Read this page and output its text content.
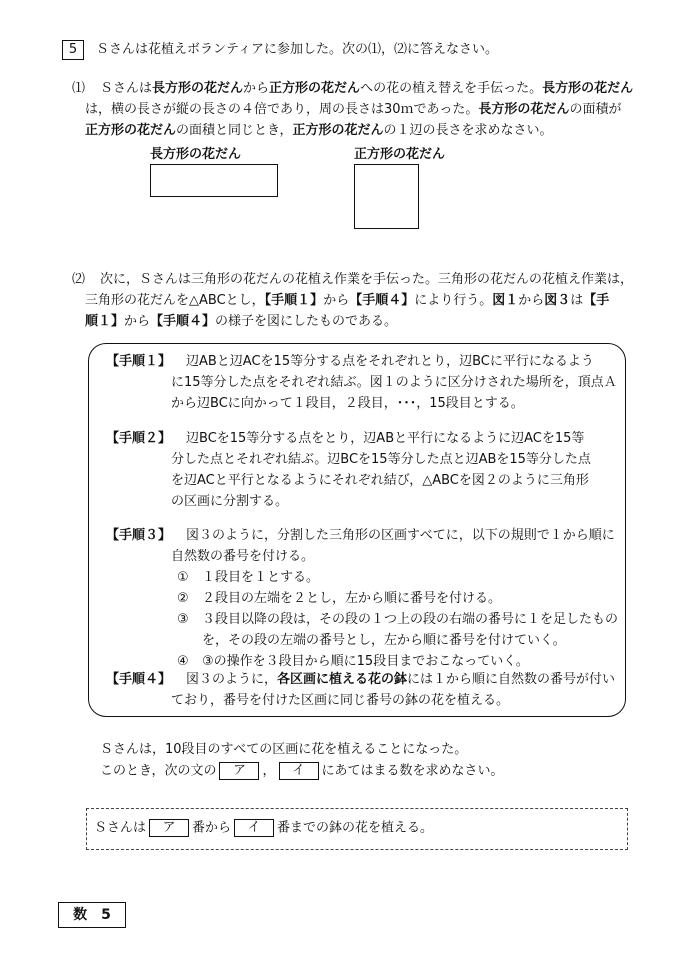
5	Ｓさんは花植えボランティアに参加した。次の⑴，⑵に答えなさい。
⑴ Ｓさんは長方形の花だんから正方形の花だんへの花の植え替えを手伝った。長方形の花だん
は，横の長さが縦の長さの４倍であり，周の長さは30ｍであった。長方形の花だんの面積が
正方形の花だんの面積と同じとき，正方形の花だんの１辺の長さを求めなさい。
長方形の花だん	正方形の花だん
⑵ 次に，Ｓさんは三角形の花だんの花植え作業を手伝った。三角形の花だんの花植え作業は，
三角形の花だんを△ABCとし，【手順１】から【手順４】により行う。図１から図３は【手
順１】から【手順４】の様子を図にしたものである。
【手順１】 辺ABと辺ACを15等分する点をそれぞれとり，辺BCに平行になるよう
に15等分した点をそれぞれ結ぶ。図１のように区分けされた場所を，頂点Ａ
から辺BCに向かって１段目，２段目，･･･，15段目とする。
【手順２】 辺BCを15等分する点をとり，辺ABと平行になるように辺ACを15等
分した点とそれぞれ結ぶ。辺BCを15等分した点と辺ABを15等分した点
を辺ACと平行となるようにそれぞれ結び，△ABCを図２のように三角形
の区画に分割する。
【手順３】 図３のように，分割した三角形の区画すべてに，以下の規則で１から順に
自然数の番号を付ける。
① １段目を１とする。
② ２段目の左端を２とし，左から順に番号を付ける。
③ ３段目以降の段は，その段の１つ上の段の右端の番号に１を足したもの
を，その段の左端の番号とし，左から順に番号を付けていく。
④ ③の操作を３段目から順に15段目までおこなっていく。
【手順４】 図３のように，各区画に植える花の鉢には１から順に自然数の番号が付い
ており，番号を付けた区画に同じ番号の鉢の花を植える。
Ｓさんは，10段目のすべての区画に花を植えることになった。
このとき，次の文の ア ， イ にあてはまる数を求めなさい。
Ｓさんは ア 番から イ 番までの鉢の花を植える。
数　5
